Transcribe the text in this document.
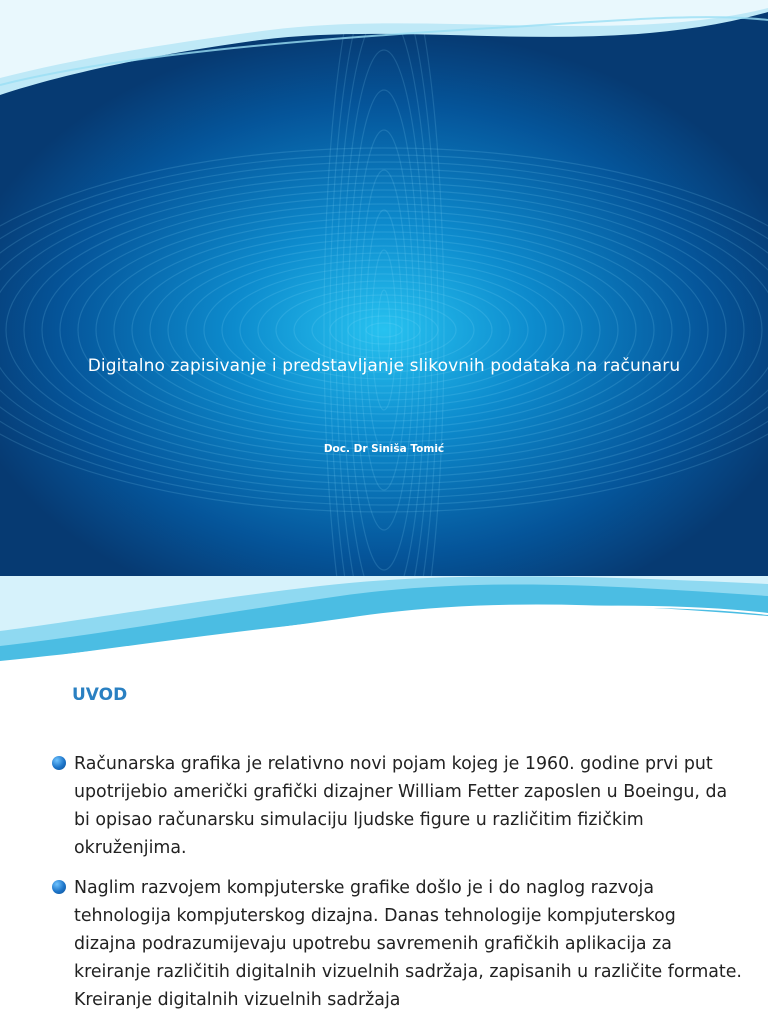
Digitalno zapisivanje i predstavljanje slikovnih podataka na računaru
Doc. Dr Siniša Tomić
UVOD
Računarska grafika je relativno novi pojam kojeg je 1960. godine prvi put upotrijebio američki grafički dizajner William Fetter zaposlen u Boeingu, da bi opisao računarsku simulaciju ljudske figure u različitim fizičkim okruženjima.
Naglim razvojem kompjuterske grafike došlo je i do naglog razvoja tehnologija kompjuterskog dizajna. Danas tehnologije kompjuterskog dizajna podrazumijevaju upotrebu savremenih grafičkih aplikacija za kreiranje različitih digitalnih vizuelnih sadržaja, zapisanih u različite formate. Kreiranje digitalnih vizuelnih sadržaja
